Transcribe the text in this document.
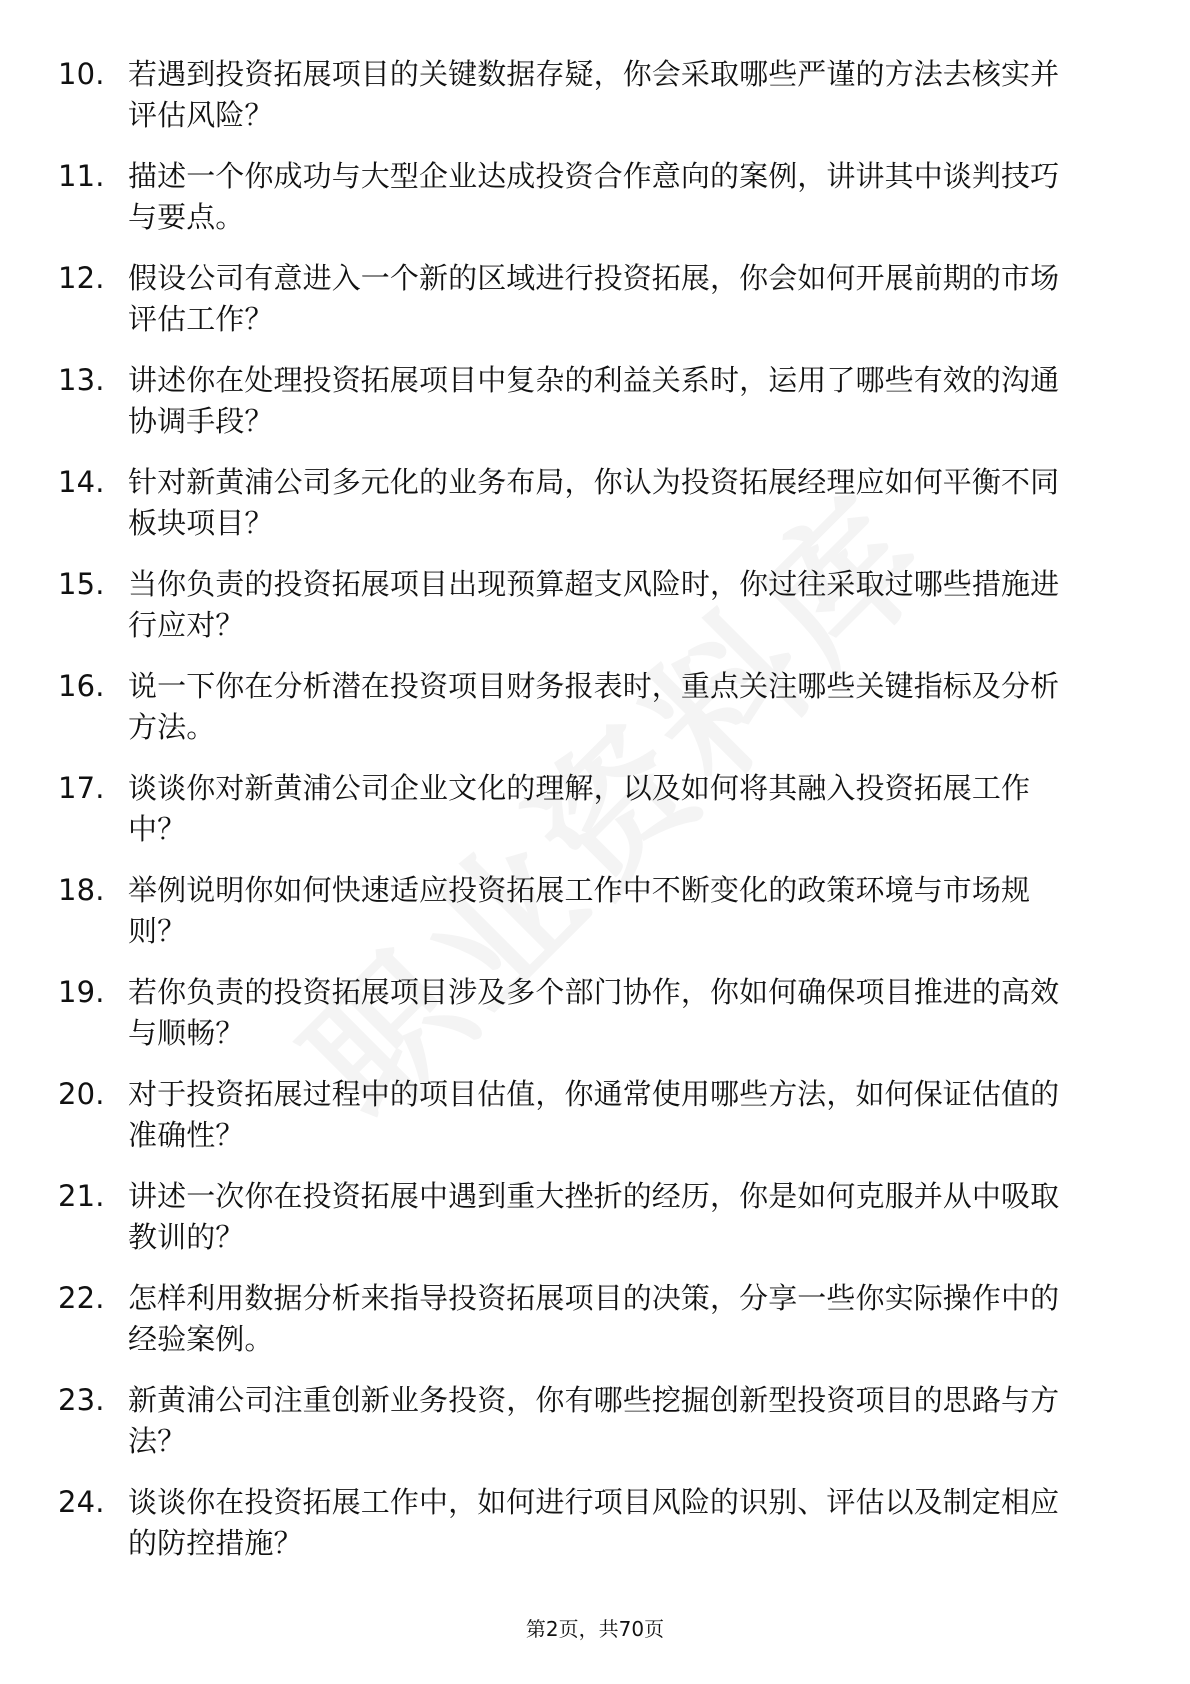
10. 若遇到投资拓展项目的关键数据存疑，你会采取哪些严谨的方法去核实并评估风险？
11. 描述一个你成功与大型企业达成投资合作意向的案例，讲讲其中谈判技巧与要点。
12. 假设公司有意进入一个新的区域进行投资拓展，你会如何开展前期的市场评估工作？
13. 讲述你在处理投资拓展项目中复杂的利益关系时，运用了哪些有效的沟通协调手段？
14. 针对新黄浦公司多元化的业务布局，你认为投资拓展经理应如何平衡不同板块项目？
15. 当你负责的投资拓展项目出现预算超支风险时，你过往采取过哪些措施进行应对？
16. 说一下你在分析潜在投资项目财务报表时，重点关注哪些关键指标及分析方法。
17. 谈谈你对新黄浦公司企业文化的理解，以及如何将其融入投资拓展工作中？
18. 举例说明你如何快速适应投资拓展工作中不断变化的政策环境与市场规则？
19. 若你负责的投资拓展项目涉及多个部门协作，你如何确保项目推进的高效与顺畅？
20. 对于投资拓展过程中的项目估值，你通常使用哪些方法，如何保证估值的准确性？
21. 讲述一次你在投资拓展中遇到重大挫折的经历，你是如何克服并从中吸取教训的？
22. 怎样利用数据分析来指导投资拓展项目的决策，分享一些你实际操作中的经验案例。
23. 新黄浦公司注重创新业务投资，你有哪些挖掘创新型投资项目的思路与方法？
24. 谈谈你在投资拓展工作中，如何进行项目风险的识别、评估以及制定相应的防控措施？
第2页，共70页
